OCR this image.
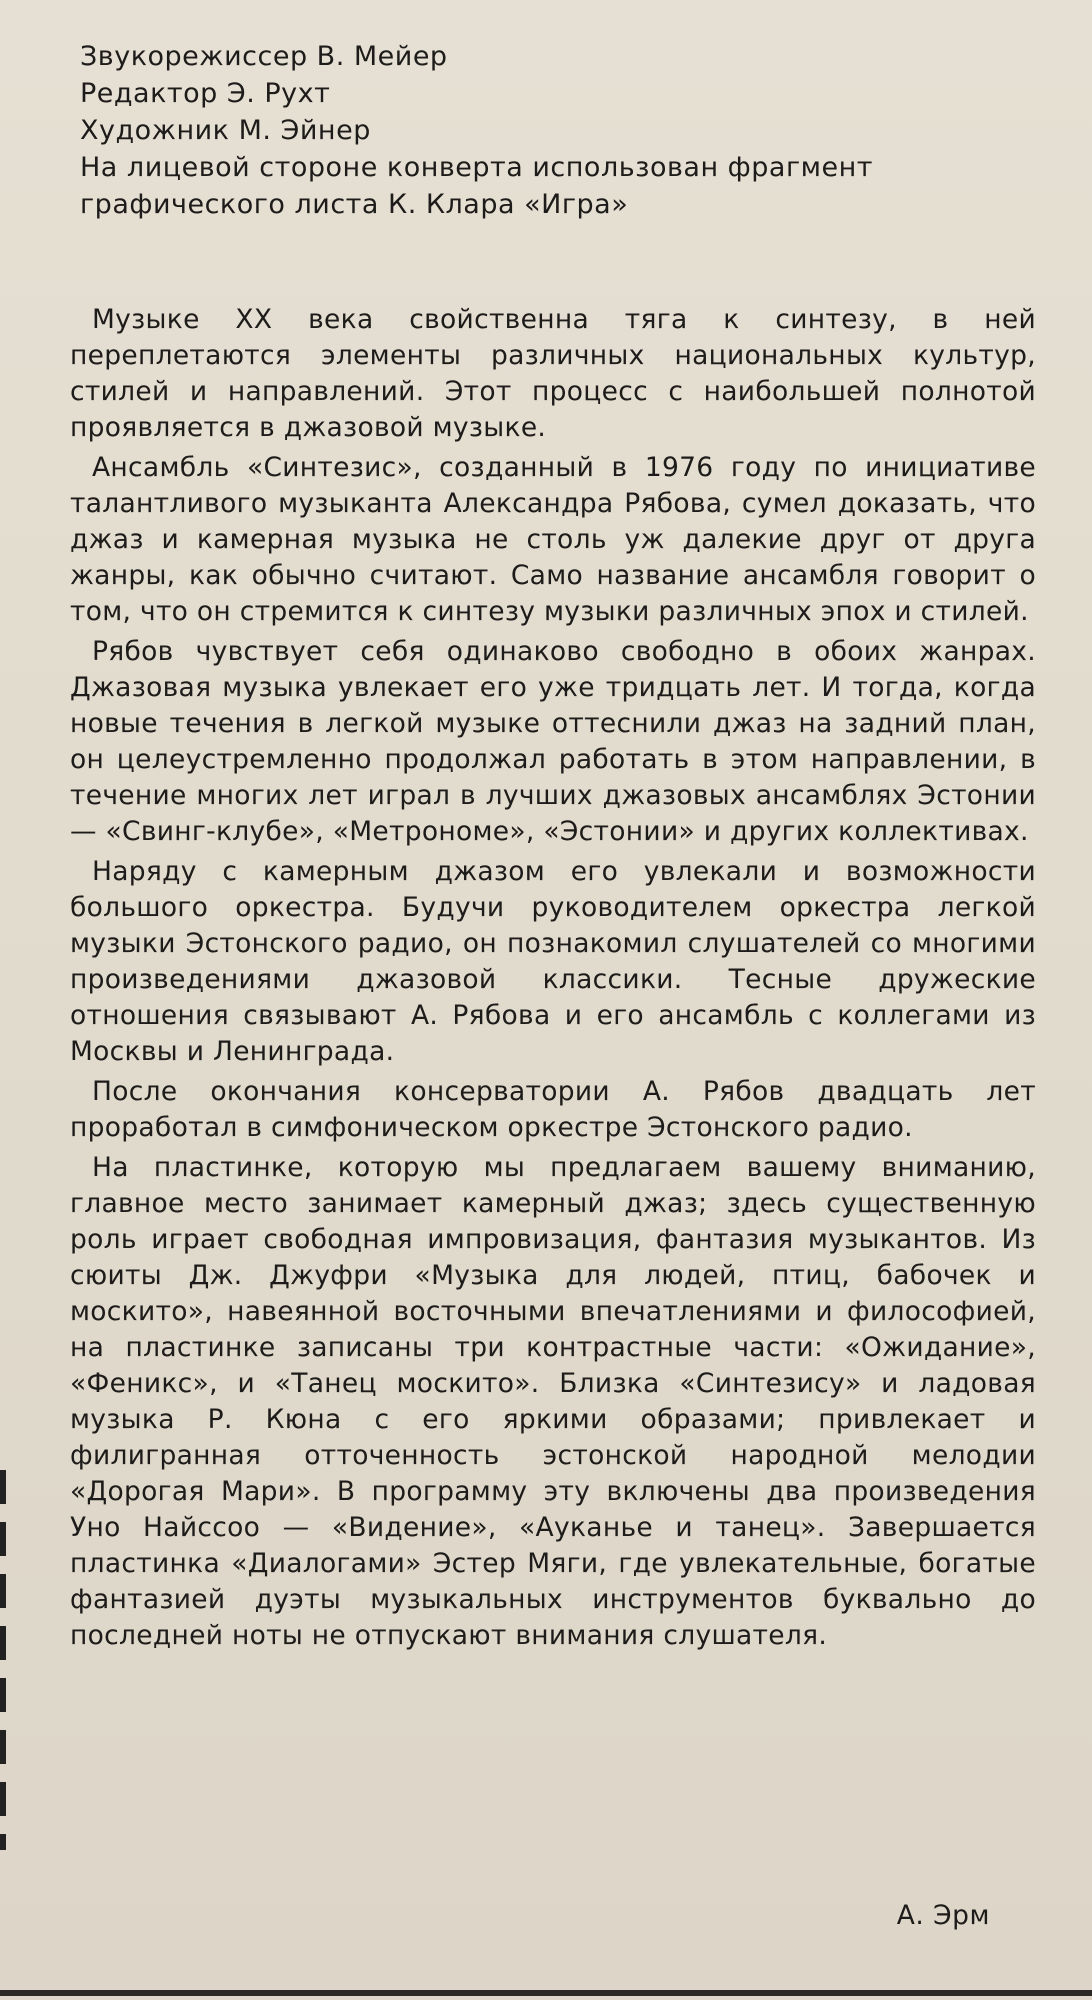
Звукорежиссер В. Мейер
Редактор Э. Рухт
Художник М. Эйнер
На лицевой стороне конверта использован фрагмент
графического листа К. Клара «Игра»

Музыке XX века свойственна тяга к синтезу, в ней переплетаются элементы различных национальных культур, стилей и направлений. Этот процесс с наибольшей полнотой проявляется в джазовой музыке.

Ансамбль «Синтезис», созданный в 1976 году по инициативе талантливого музыканта Александра Рябова, сумел доказать, что джаз и камерная музыка не столь уж далекие друг от друга жанры, как обычно считают. Само название ансамбля говорит о том, что он стремится к синтезу музыки различных эпох и стилей.

Рябов чувствует себя одинаково свободно в обоих жанрах. Джазовая музыка увлекает его уже тридцать лет. И тогда, когда новые течения в легкой музыке оттеснили джаз на задний план, он целеустремленно продолжал работать в этом направлении, в течение многих лет играл в лучших джазовых ансамблях Эстонии — «Свинг-клубе», «Метрономе», «Эстонии» и других коллективах.

Наряду с камерным джазом его увлекали и возможности большого оркестра. Будучи руководителем оркестра легкой музыки Эстонского радио, он познакомил слушателей со многими произведениями джазовой классики. Тесные дружеские отношения связывают А. Рябова и его ансамбль с коллегами из Москвы и Ленинграда.

После окончания консерватории А. Рябов двадцать лет проработал в симфоническом оркестре Эстонского радио.

На пластинке, которую мы предлагаем вашему вниманию, главное место занимает камерный джаз; здесь существенную роль играет свободная импровизация, фантазия музыкантов. Из сюиты Дж. Джуфри «Музыка для людей, птиц, бабочек и москито», навеянной восточными впечатлениями и философией, на пластинке записаны три контрастные части: «Ожидание», «Феникс», и «Танец москито». Близка «Синтезису» и ладовая музыка Р. Кюна с его яркими образами; привлекает и филигранная отточенность эстонской народной мелодии «Дорогая Мари». В программу эту включены два произведения Уно Найссоо — «Видение», «Ауканье и танец». Завершается пластинка «Диалогами» Эстер Мяги, где увлекательные, богатые фантазией дуэты музыкальных инструментов буквально до последней ноты не отпускают внимания слушателя.

А. Эрм
